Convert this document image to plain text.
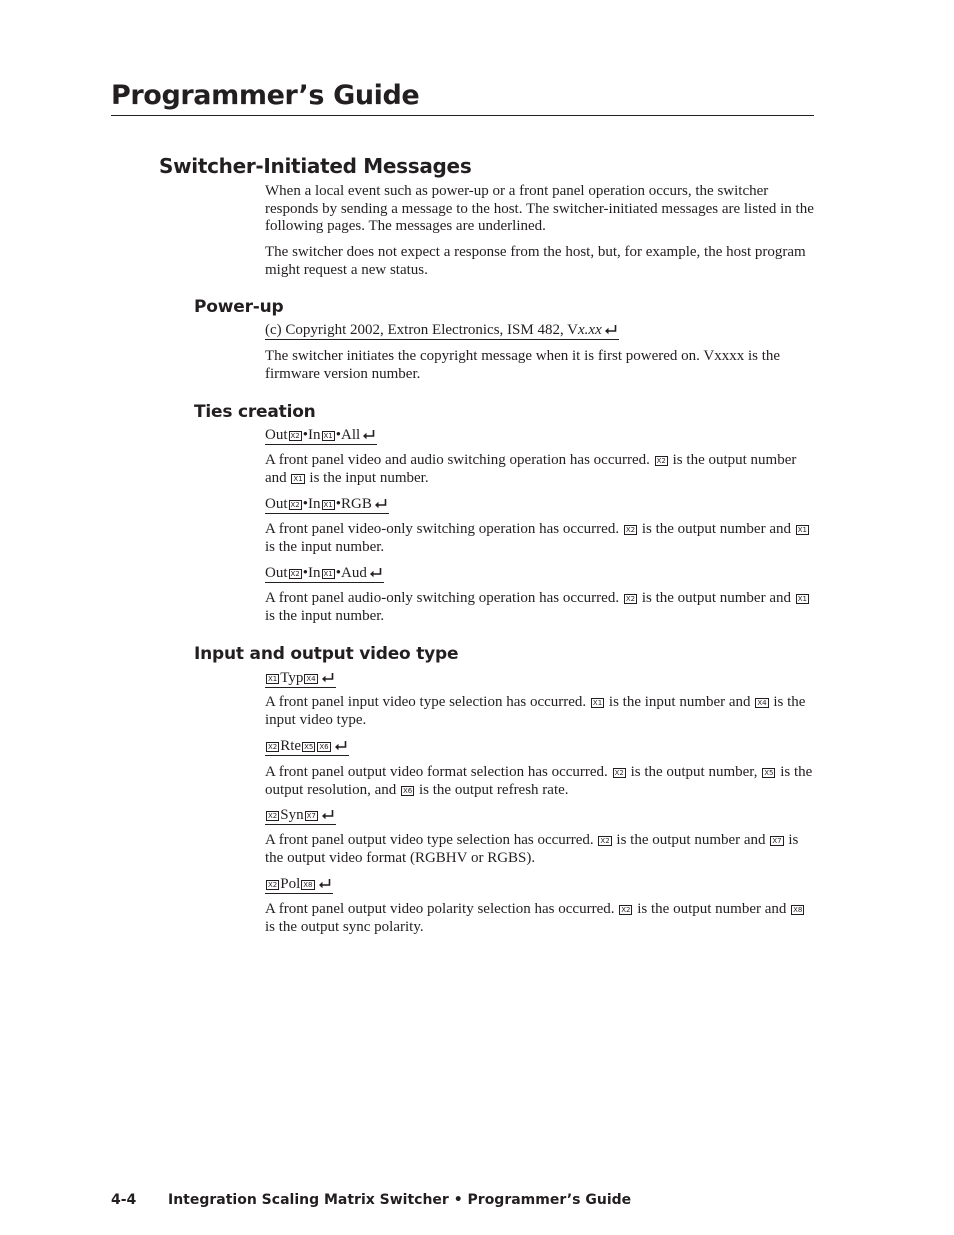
Programmer’s Guide
Switcher-Initiated Messages

When a local event such as power-up or a front panel operation occurs, the switcher responds by sending a message to the host. The switcher-initiated messages are listed in the following pages. The messages are underlined.

The switcher does not expect a response from the host, but, for example, the host program might request a new status.

Power-up
(c) Copyright 2002, Extron Electronics, ISM 482, Vx.xx

The switcher initiates the copyright message when it is first powered on. Vxxxx is the firmware version number.

Ties creation
Out X2 •In X1 •All

A front panel video and audio switching operation has occurred. X2 is the output number and X1 is the input number.

Out X2 •In X1 •RGB

A front panel video-only switching operation has occurred. X2 is the output number and X1 is the input number.

Out X2 •In X1 •Aud

A front panel audio-only switching operation has occurred. X2 is the output number and X1 is the input number.

Input and output video type
X1 Typ X4

A front panel input video type selection has occurred. X1 is the input number and X4 is the input video type.

X2 Rte X5 X6

A front panel output video format selection has occurred. X2 is the output number, X5 is the output resolution, and X6 is the output refresh rate.

X2 Syn X7

A front panel output video type selection has occurred. X2 is the output number and X7 is the output video format (RGBHV or RGBS).

X2 Pol X8

A front panel output video polarity selection has occurred. X2 is the output number and X8 is the output sync polarity.

4-4 Integration Scaling Matrix Switcher • Programmer’s Guide
